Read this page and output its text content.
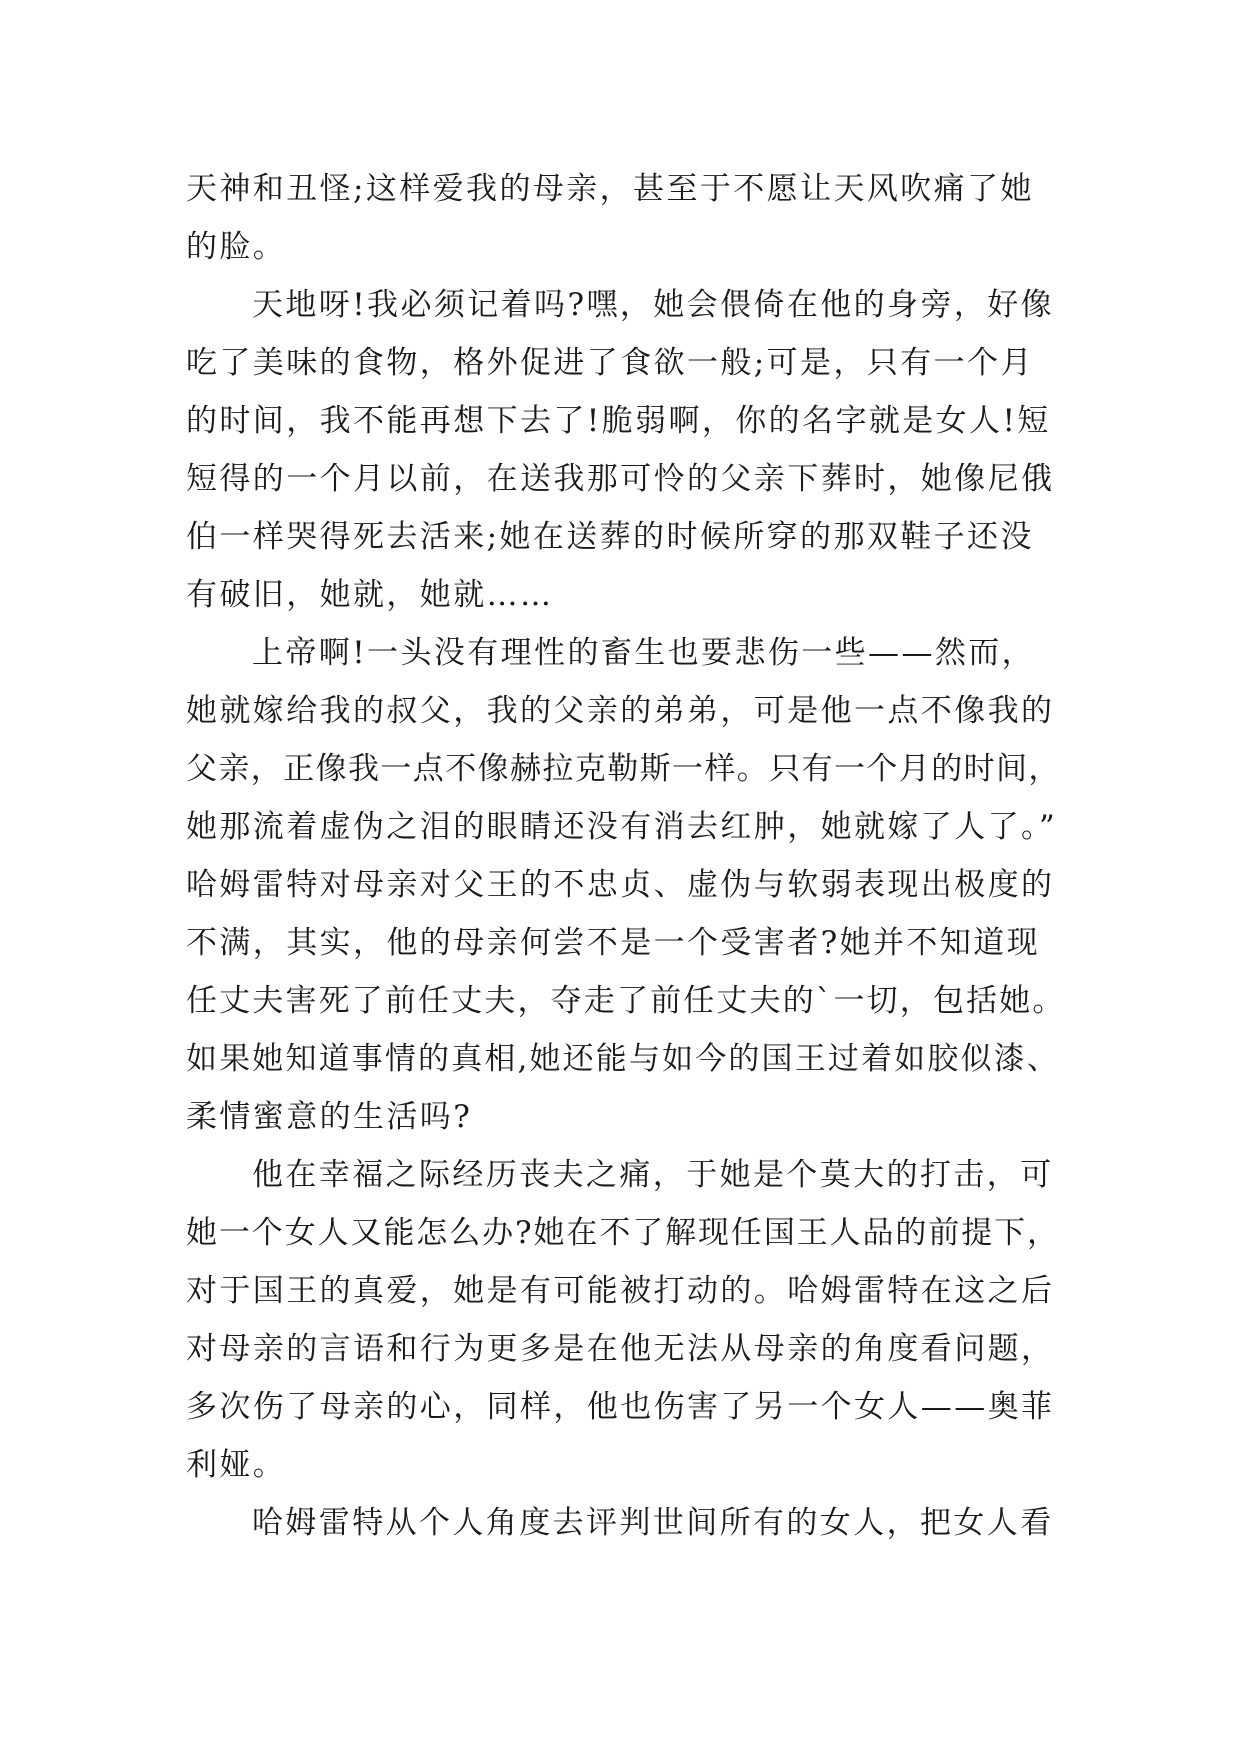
天神和丑怪;这样爱我的母亲，甚至于不愿让天风吹痛了她
的脸。
天地呀!我必须记着吗?嘿，她会偎倚在他的身旁，好像
吃了美味的食物，格外促进了食欲一般;可是，只有一个月
的时间，我不能再想下去了!脆弱啊，你的名字就是女人!短
短得的一个月以前，在送我那可怜的父亲下葬时，她像尼俄
伯一样哭得死去活来;她在送葬的时候所穿的那双鞋子还没
有破旧，她就，她就……
上帝啊!一头没有理性的畜生也要悲伤一些——然而，
她就嫁给我的叔父，我的父亲的弟弟，可是他一点不像我的
父亲，正像我一点不像赫拉克勒斯一样。只有一个月的时间，
她那流着虚伪之泪的眼睛还没有消去红肿，她就嫁了人了。”
哈姆雷特对母亲对父王的不忠贞、虚伪与软弱表现出极度的
不满，其实，他的母亲何尝不是一个受害者?她并不知道现
任丈夫害死了前任丈夫，夺走了前任丈夫的`一切，包括她。
如果她知道事情的真相,她还能与如今的国王过着如胶似漆、
柔情蜜意的生活吗?
他在幸福之际经历丧夫之痛，于她是个莫大的打击，可
她一个女人又能怎么办?她在不了解现任国王人品的前提下，
对于国王的真爱，她是有可能被打动的。哈姆雷特在这之后
对母亲的言语和行为更多是在他无法从母亲的角度看问题，
多次伤了母亲的心，同样，他也伤害了另一个女人——奥菲
利娅。
哈姆雷特从个人角度去评判世间所有的女人，把女人看
